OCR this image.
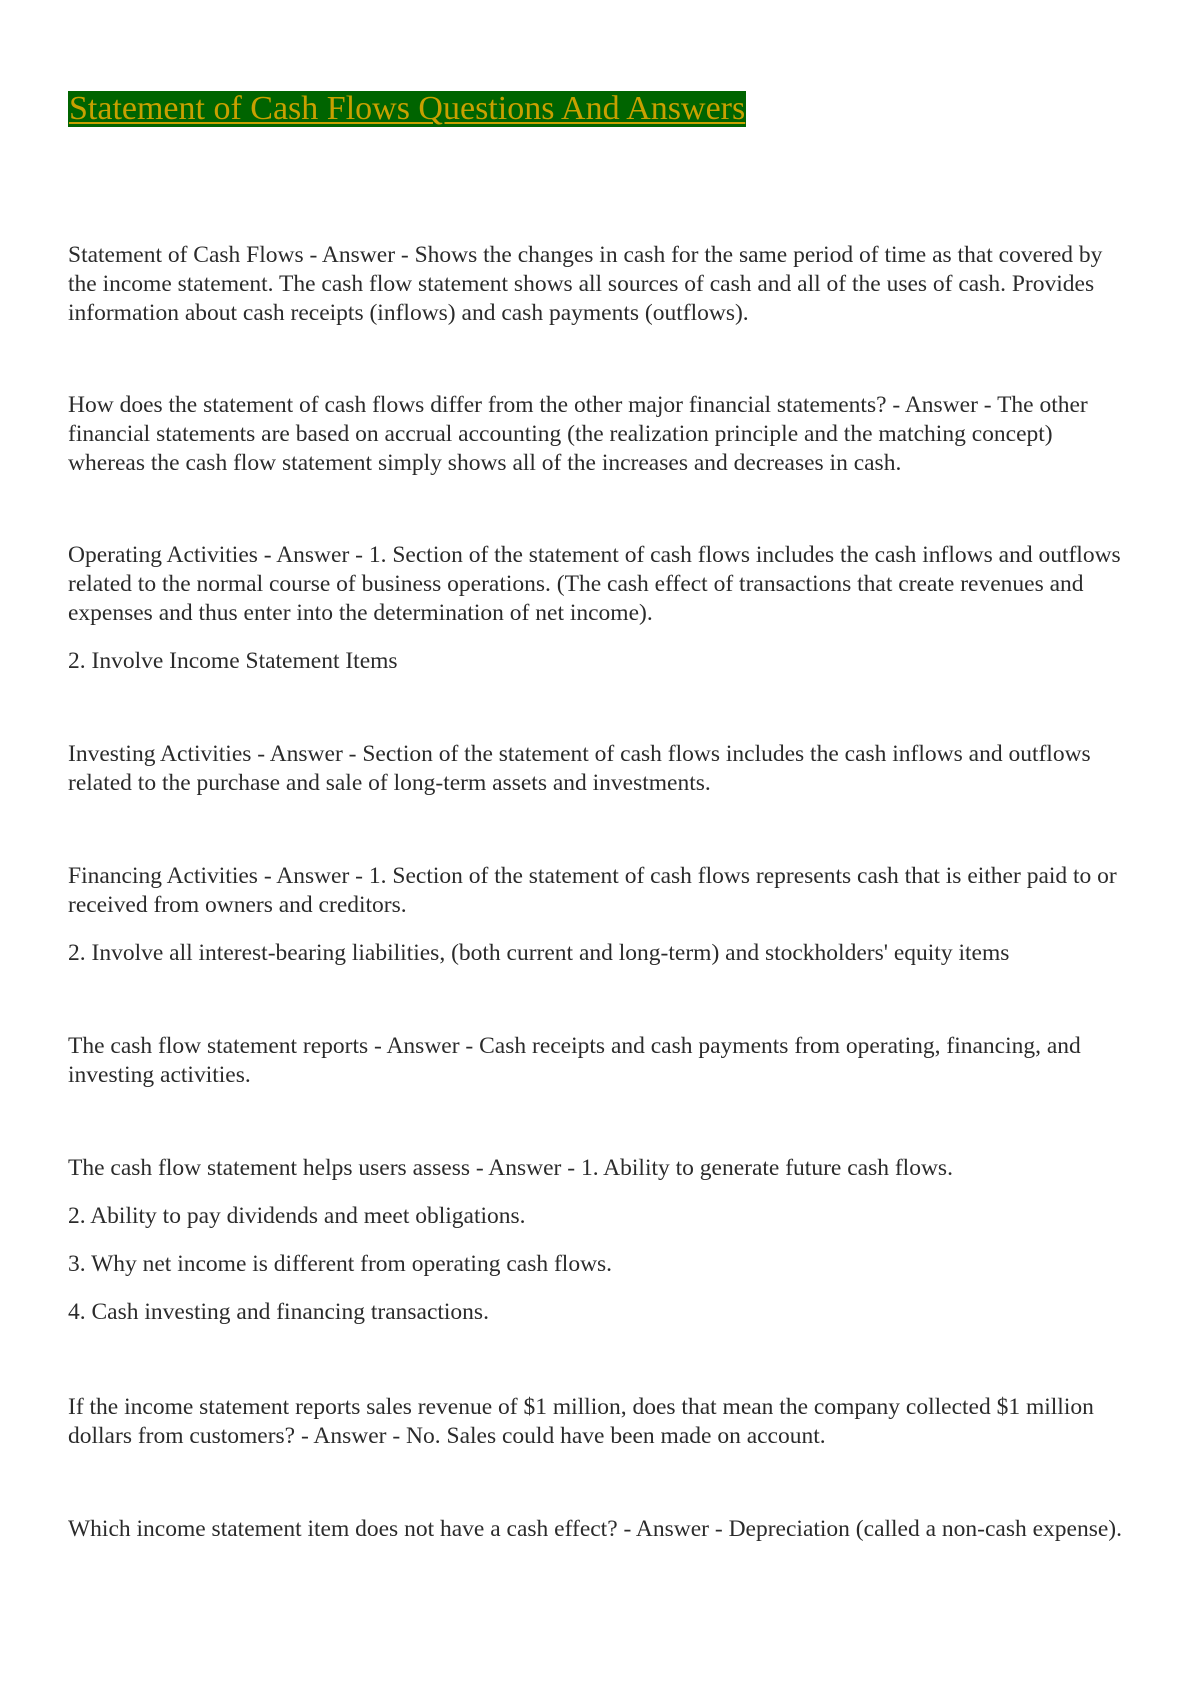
Statement of Cash Flows Questions And Answers

Statement of Cash Flows - Answer - Shows the changes in cash for the same period of time as that covered by the income statement. The cash flow statement shows all sources of cash and all of the uses of cash. Provides information about cash receipts (inflows) and cash payments (outflows).

How does the statement of cash flows differ from the other major financial statements? - Answer - The other financial statements are based on accrual accounting (the realization principle and the matching concept) whereas the cash flow statement simply shows all of the increases and decreases in cash.

Operating Activities - Answer - 1. Section of the statement of cash flows includes the cash inflows and outflows related to the normal course of business operations. (The cash effect of transactions that create revenues and expenses and thus enter into the determination of net income).

2. Involve Income Statement Items

Investing Activities - Answer - Section of the statement of cash flows includes the cash inflows and outflows related to the purchase and sale of long-term assets and investments.

Financing Activities - Answer - 1. Section of the statement of cash flows represents cash that is either paid to or received from owners and creditors.

2. Involve all interest-bearing liabilities, (both current and long-term) and stockholders' equity items

The cash flow statement reports - Answer - Cash receipts and cash payments from operating, financing, and investing activities.

The cash flow statement helps users assess - Answer - 1. Ability to generate future cash flows.

2. Ability to pay dividends and meet obligations.

3. Why net income is different from operating cash flows.

4. Cash investing and financing transactions.

If the income statement reports sales revenue of $1 million, does that mean the company collected $1 million dollars from customers? - Answer - No. Sales could have been made on account.

Which income statement item does not have a cash effect? - Answer - Depreciation (called a non-cash expense).
